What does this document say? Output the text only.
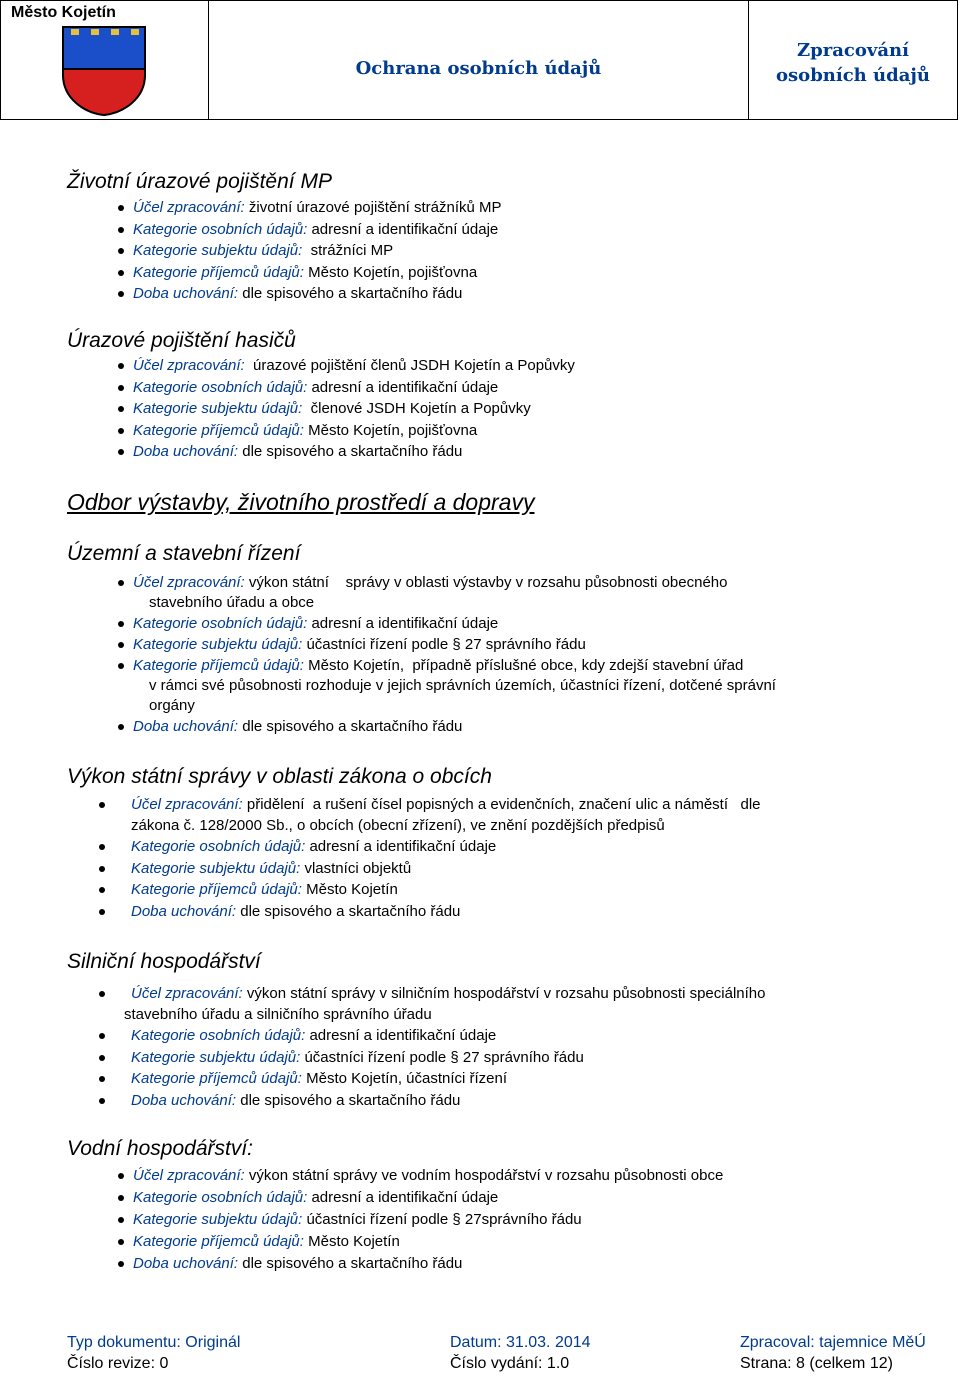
Město Kojetín
Ochrana osobních údajů
Zpracování
osobních údajů
Životní úrazové pojištění MP
Úrazové pojištění hasičů
Odbor výstavby, životního prostředí a dopravy
Územní a stavební řízení
Výkon státní správy v oblasti zákona o obcích
Silniční hospodářství
Vodní hospodářství:
Účel zpracování: životní úrazové pojištění strážníků MP
Kategorie osobních údajů: adresní a identifikační údaje
Kategorie subjektu údajů:  strážníci MP
Kategorie příjemců údajů: Město Kojetín, pojišťovna
Doba uchování: dle spisového a skartačního řádu
Účel zpracování:  úrazové pojištění členů JSDH Kojetín a Popůvky
Kategorie osobních údajů: adresní a identifikační údaje
Kategorie subjektu údajů:  členové JSDH Kojetín a Popůvky
Kategorie příjemců údajů: Město Kojetín, pojišťovna
Doba uchování: dle spisového a skartačního řádu
Účel zpracování: výkon státní    správy v oblasti výstavby v rozsahu působnosti obecného
stavebního úřadu a obce
Kategorie osobních údajů: adresní a identifikační údaje
Kategorie subjektu údajů: účastníci řízení podle § 27 správního řádu
Kategorie příjemců údajů: Město Kojetín,  případně příslušné obce, kdy zdejší stavební úřad
v rámci své působnosti rozhoduje v jejich správních územích, účastníci řízení, dotčené správní
orgány
Doba uchování: dle spisového a skartačního řádu
Účel zpracování: přidělení  a rušení čísel popisných a evidenčních, značení ulic a náměstí   dle
zákona č. 128/2000 Sb., o obcích (obecní zřízení), ve znění pozdějších předpisů
Kategorie osobních údajů: adresní a identifikační údaje
Kategorie subjektu údajů: vlastníci objektů
Kategorie příjemců údajů: Město Kojetín
Doba uchování: dle spisového a skartačního řádu
Účel zpracování: výkon státní správy v silničním hospodářství v rozsahu působnosti speciálního
stavebního úřadu a silničního správního úřadu
Kategorie osobních údajů: adresní a identifikační údaje
Kategorie subjektu údajů: účastníci řízení podle § 27 správního řádu
Kategorie příjemců údajů: Město Kojetín, účastníci řízení
Doba uchování: dle spisového a skartačního řádu
Účel zpracování: výkon státní správy ve vodním hospodářství v rozsahu působnosti obce
Kategorie osobních údajů: adresní a identifikační údaje
Kategorie subjektu údajů: účastníci řízení podle § 27správního řádu
Kategorie příjemců údajů: Město Kojetín
Doba uchování: dle spisového a skartačního řádu
Typ dokumentu: Originál	Datum: 31.03. 2014	Zpracoval: tajemnice MěÚ
Číslo revize: 0	Číslo vydání: 1.0	Strana: 8 (celkem 12)
